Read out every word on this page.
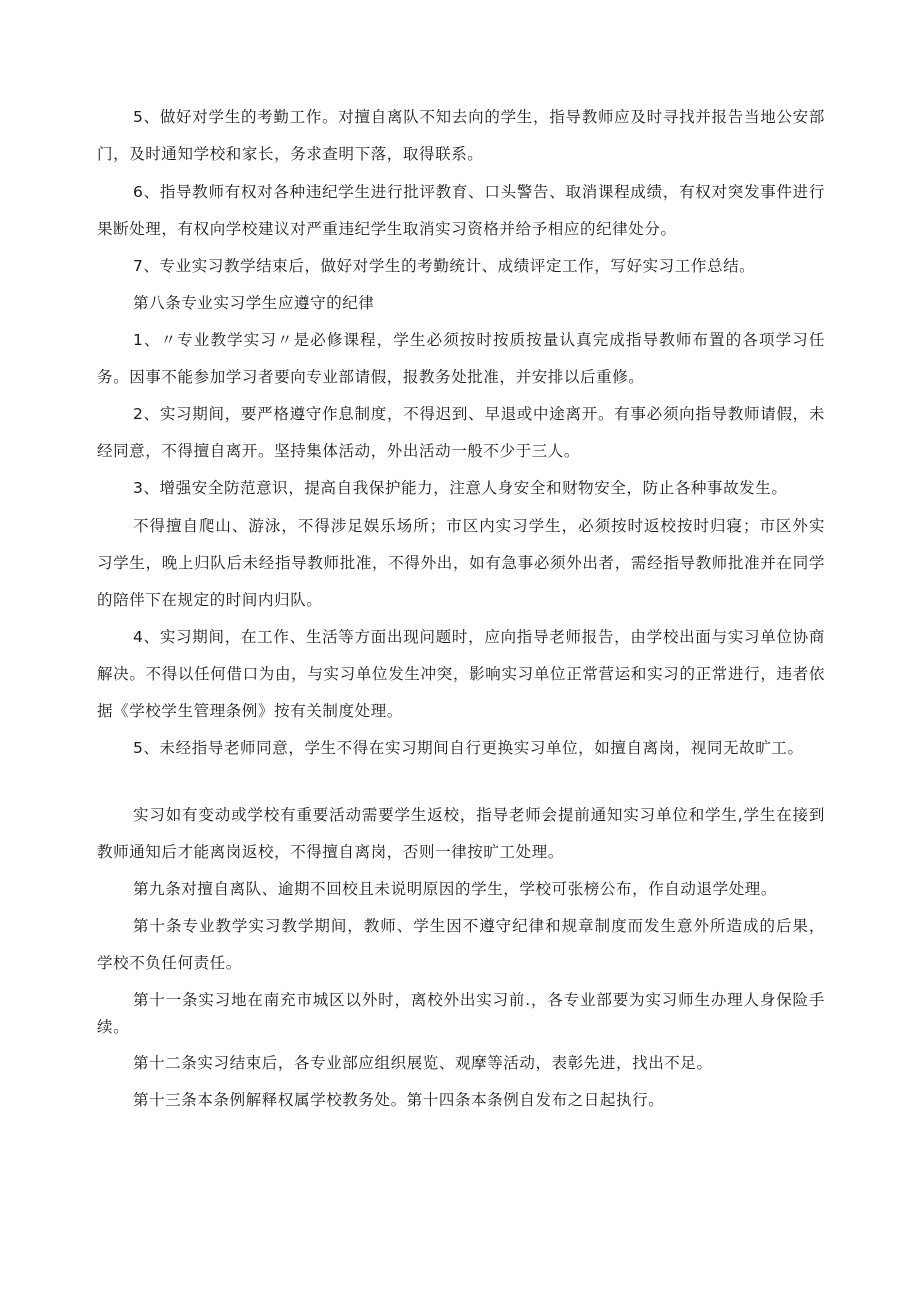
5、做好对学生的考勤工作。对擅自离队不知去向的学生，指导教师应及时寻找并报告当地公安部门，及时通知学校和家长，务求查明下落，取得联系。

6、指导教师有权对各种违纪学生进行批评教育、口头警告、取消课程成绩，有权对突发事件进行果断处理，有权向学校建议对严重违纪学生取消实习资格并给予相应的纪律处分。

7、专业实习教学结束后，做好对学生的考勤统计、成绩评定工作，写好实习工作总结。

第八条专业实习学生应遵守的纪律

1、〃专业教学实习〃是必修课程，学生必须按时按质按量认真完成指导教师布置的各项学习任务。因事不能参加学习者要向专业部请假，报教务处批准，并安排以后重修。

2、实习期间，要严格遵守作息制度，不得迟到、早退或中途离开。有事必须向指导教师请假，未经同意，不得擅自离开。坚持集体活动，外出活动一般不少于三人。

3、增强安全防范意识，提高自我保护能力，注意人身安全和财物安全，防止各种事故发生。

不得擅自爬山、游泳，不得涉足娱乐场所；市区内实习学生，必须按时返校按时归寝；市区外实习学生，晚上归队后未经指导教师批准，不得外出，如有急事必须外出者，需经指导教师批准并在同学的陪伴下在规定的时间内归队。

4、实习期间，在工作、生活等方面出现问题时，应向指导老师报告，由学校出面与实习单位协商解决。不得以任何借口为由，与实习单位发生冲突，影响实习单位正常营运和实习的正常进行，违者依据《学校学生管理条例》按有关制度处理。

5、未经指导老师同意，学生不得在实习期间自行更换实习单位，如擅自离岗，视同无故旷工。

实习如有变动或学校有重要活动需要学生返校，指导老师会提前通知实习单位和学生,学生在接到教师通知后才能离岗返校，不得擅自离岗，否则一律按旷工处理。

第九条对擅自离队、逾期不回校且未说明原因的学生，学校可张榜公布，作自动退学处理。

第十条专业教学实习教学期间，教师、学生因不遵守纪律和规章制度而发生意外所造成的后果，学校不负任何责任。

第十一条实习地在南充市城区以外时，离校外出实习前.，各专业部要为实习师生办理人身保险手续。

第十二条实习结束后，各专业部应组织展览、观摩等活动，表彰先进，找出不足。

第十三条本条例解释权属学校教务处。第十四条本条例自发布之日起执行。
